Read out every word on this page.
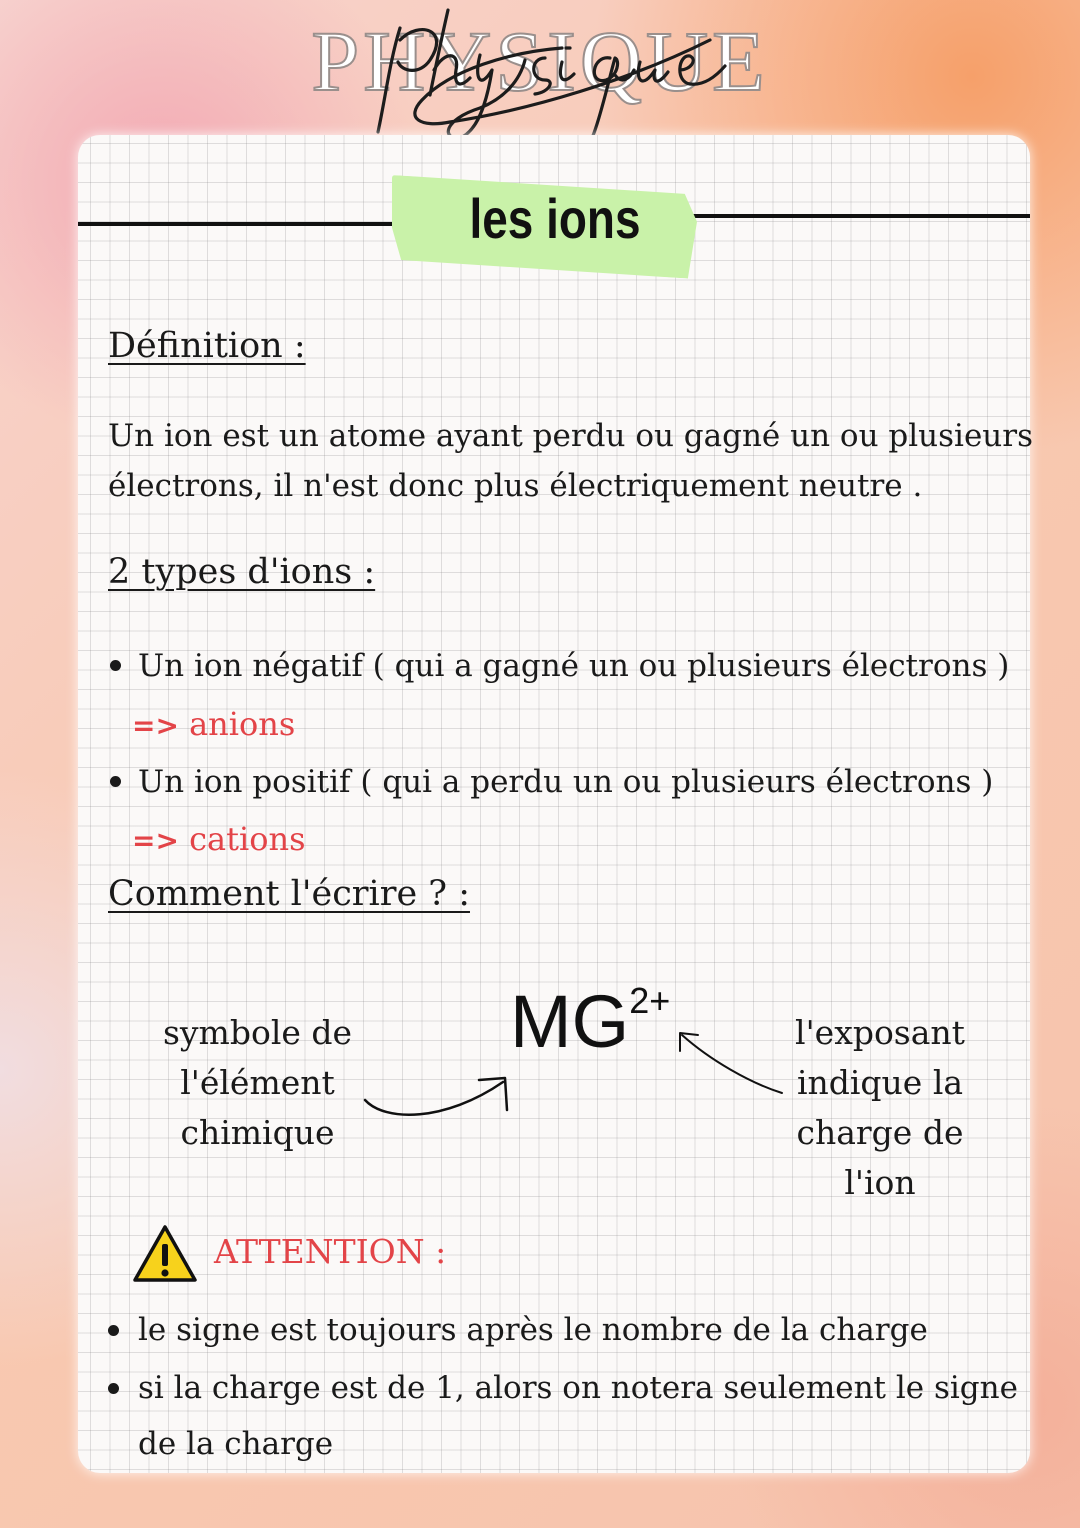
PHYSIQUE
les ions
Définition :
Un ion est un atome ayant perdu ou gagné un ou plusieurs
électrons, il n'est donc plus électriquement neutre .
2 types d'ions :
Un ion négatif ( qui a gagné un ou plusieurs électrons )
=> anions
Un ion positif ( qui a perdu un ou plusieurs électrons )
=> cations
Comment l'écrire ? :
$MG^{2+}$
symbole de
l'élément
chimique
l'exposant
indique la
charge de
l'ion
ATTENTION :
le signe est toujours après le nombre de la charge
si la charge est de 1, alors on notera seulement le signe
de la charge
